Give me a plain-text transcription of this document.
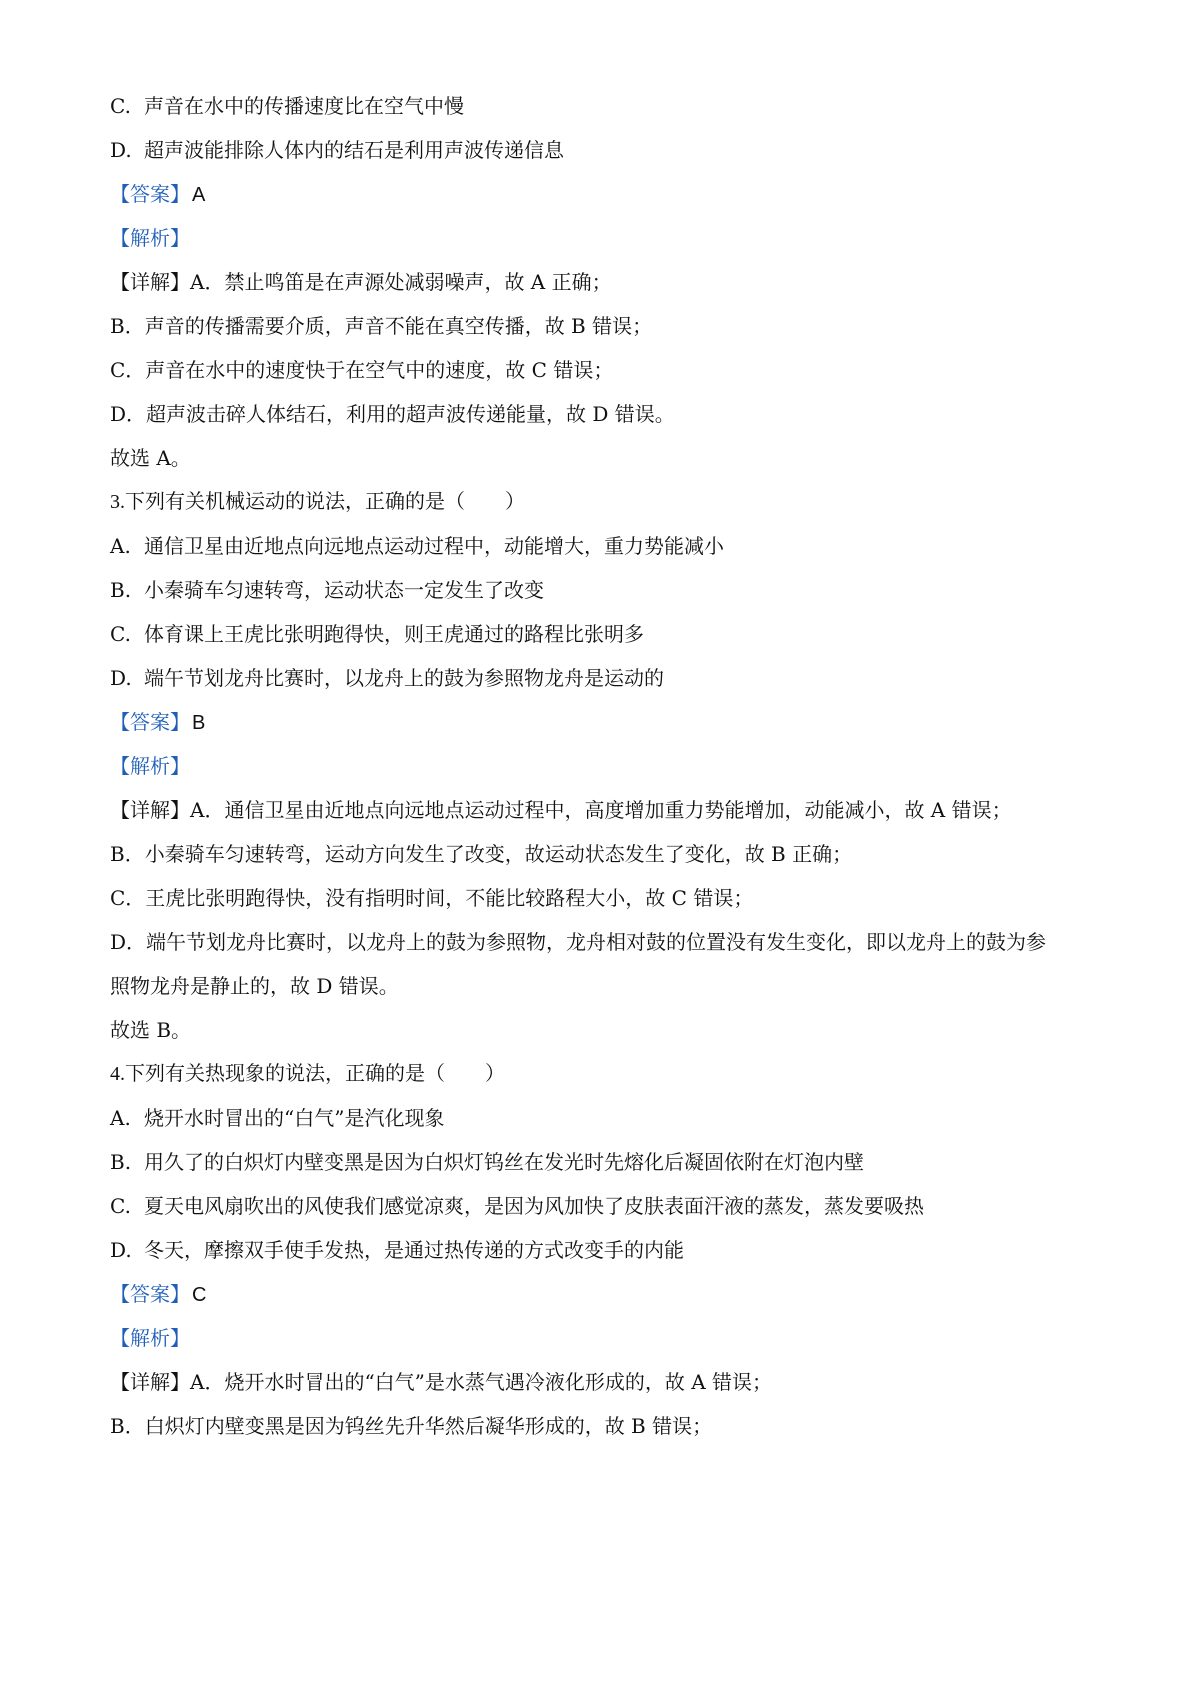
C. 声音在水中的传播速度比在空气中慢
D. 超声波能排除人体内的结石是利用声波传递信息
【答案】 A
【解析】
【详解】A．禁止鸣笛是在声源处减弱噪声，故 A 正确；
B．声音的传播需要介质，声音不能在真空传播，故 B 错误；
C．声音在水中的速度快于在空气中的速度，故 C 错误；
D．超声波击碎人体结石，利用的超声波传递能量，故 D 错误。
故选 A。
3.下列有关机械运动的说法，正确的是（　　）
A. 通信卫星由近地点向远地点运动过程中，动能增大，重力势能减小
B. 小秦骑车匀速转弯，运动状态一定发生了改变
C. 体育课上王虎比张明跑得快，则王虎通过的路程比张明多
D. 端午节划龙舟比赛时，以龙舟上的鼓为参照物龙舟是运动的
【答案】 B
【解析】
【详解】A．通信卫星由近地点向远地点运动过程中，高度增加重力势能增加，动能减小，故 A 错误；
B．小秦骑车匀速转弯，运动方向发生了改变，故运动状态发生了变化，故 B 正确；
C．王虎比张明跑得快，没有指明时间，不能比较路程大小，故 C 错误；
D．端午节划龙舟比赛时，以龙舟上的鼓为参照物，龙舟相对鼓的位置没有发生变化，即以龙舟上的鼓为参
照物龙舟是静止的，故 D 错误。
故选 B。
4.下列有关热现象的说法，正确的是（　　）
A. 烧开水时冒出的“白气”是汽化现象
B. 用久了的白炽灯内壁变黑是因为白炽灯钨丝在发光时先熔化后凝固依附在灯泡内壁
C. 夏天电风扇吹出的风使我们感觉凉爽，是因为风加快了皮肤表面汗液的蒸发，蒸发要吸热
D. 冬天，摩擦双手使手发热，是通过热传递的方式改变手的内能
【答案】 C
【解析】
【详解】A．烧开水时冒出的“白气”是水蒸气遇冷液化形成的，故 A 错误；
B．白炽灯内壁变黑是因为钨丝先升华然后凝华形成的，故 B 错误；
